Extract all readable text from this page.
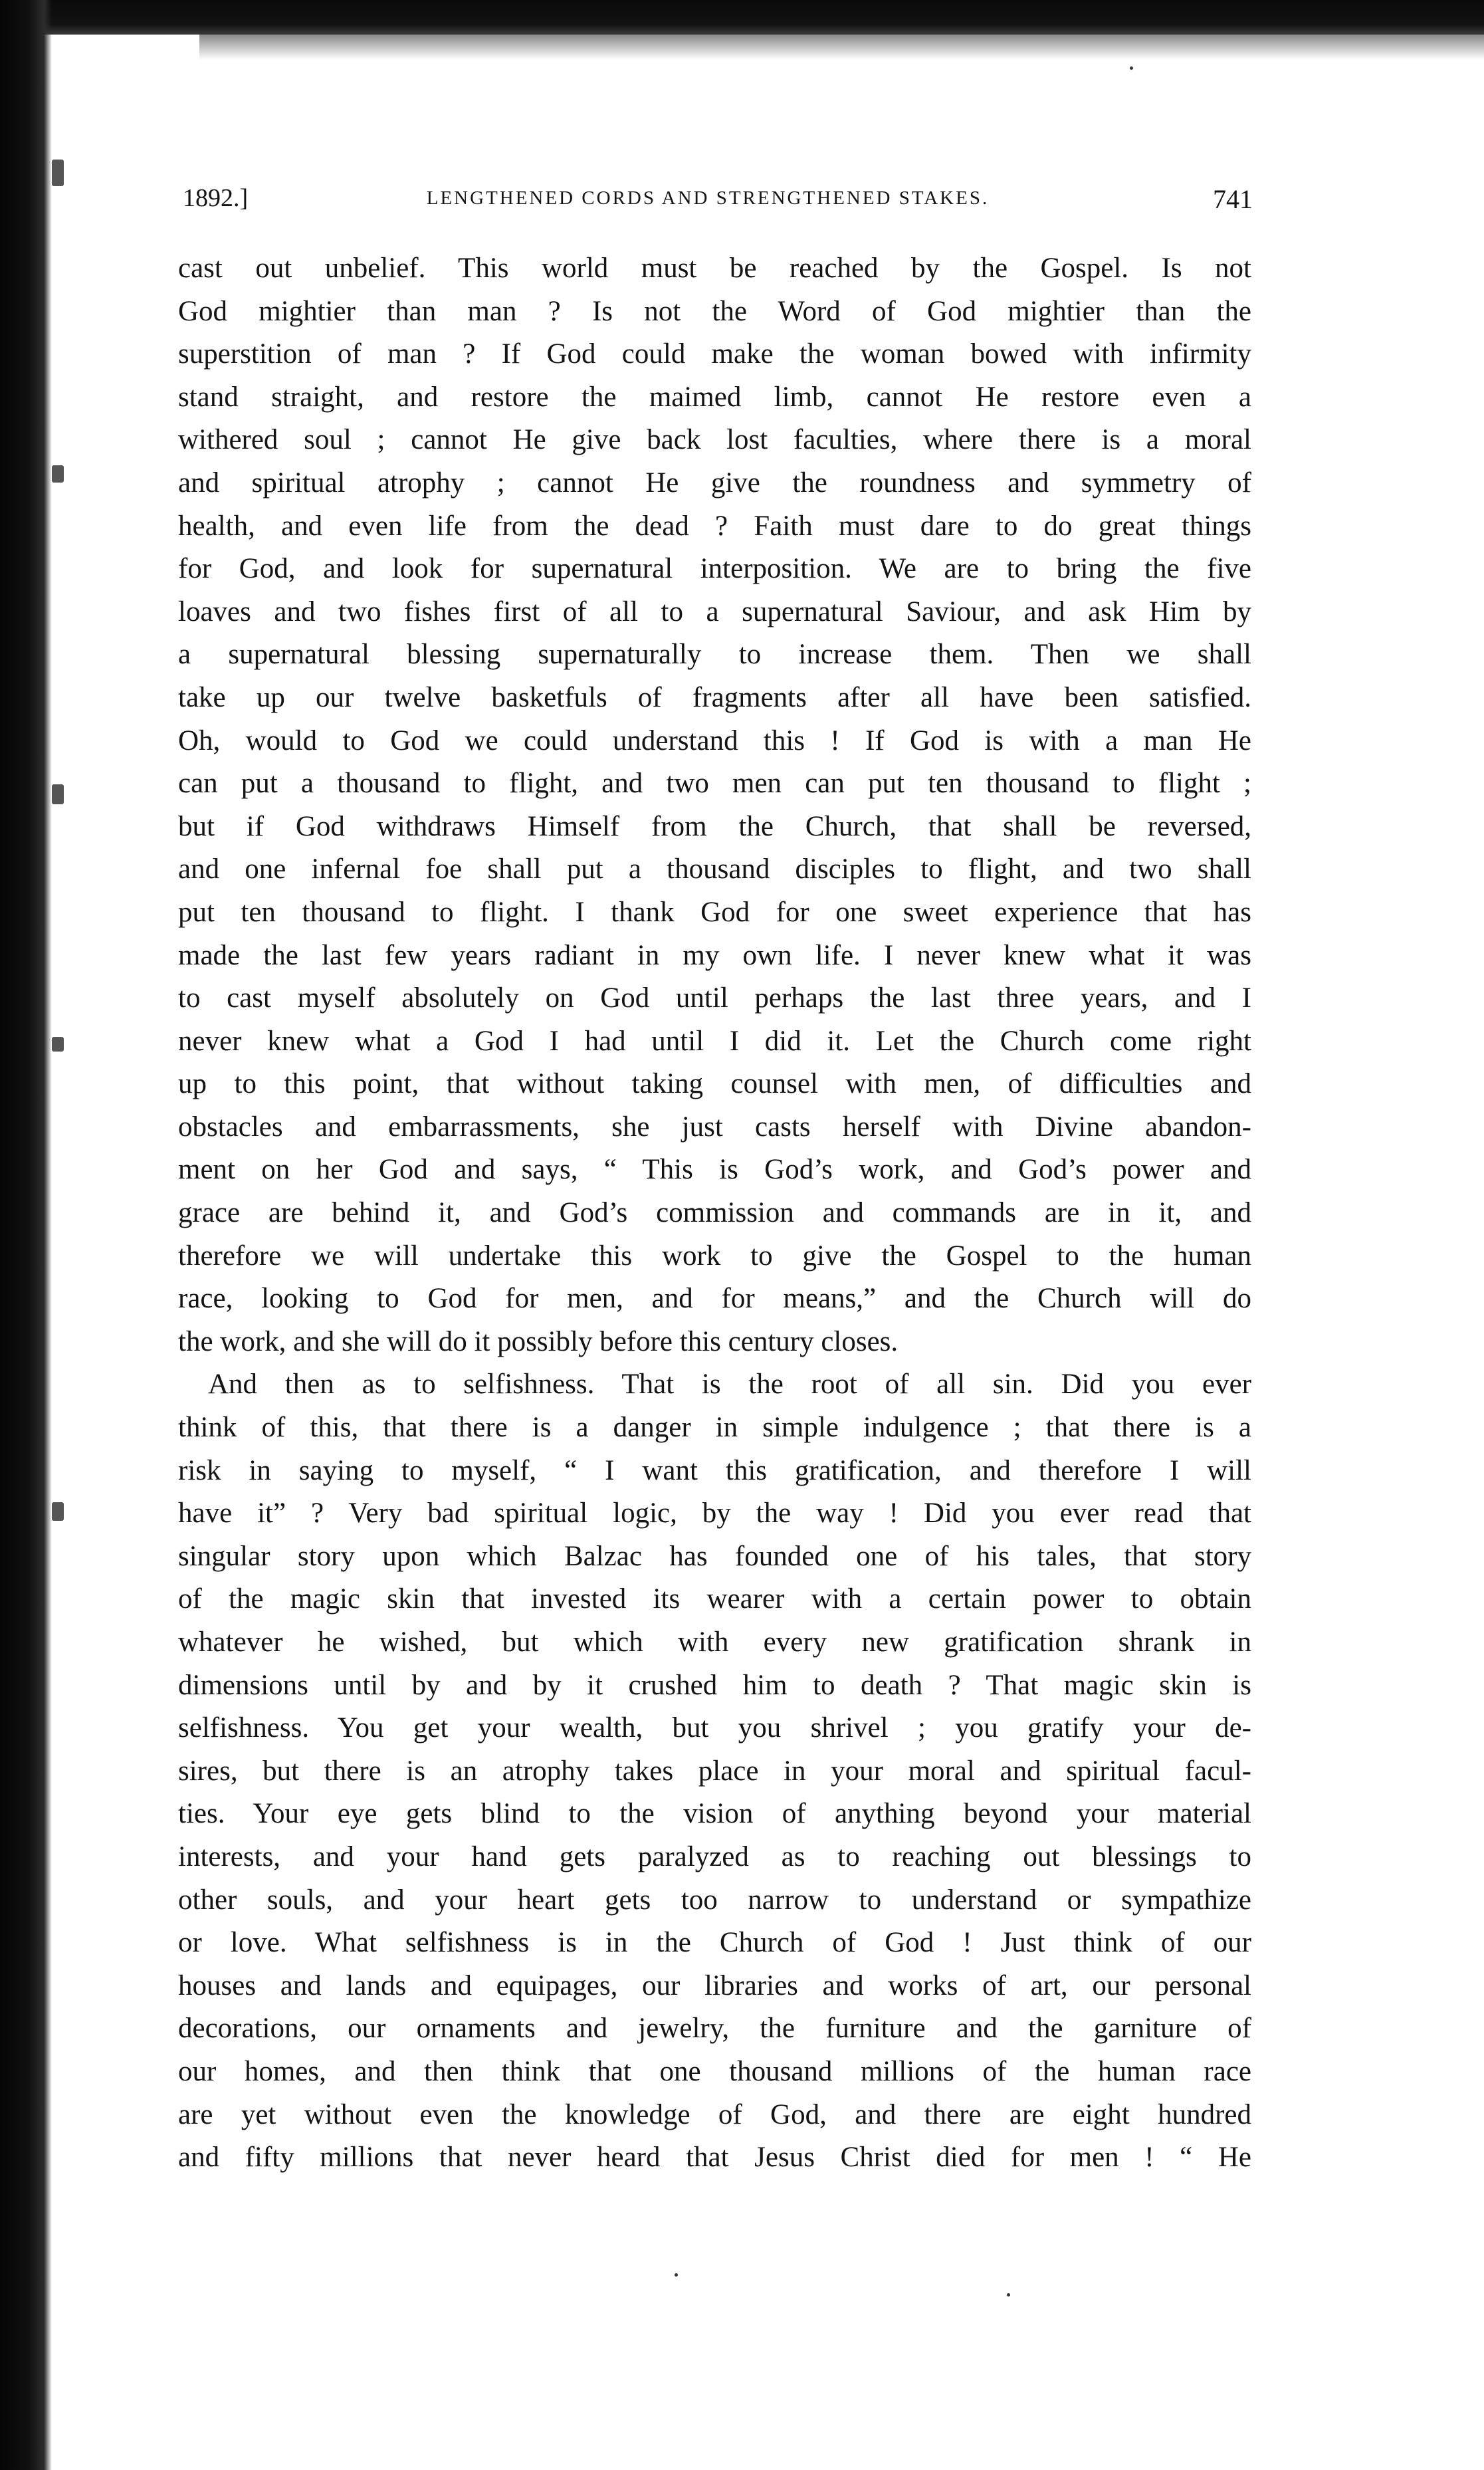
1892.]	LENGTHENED CORDS AND STRENGTHENED STAKES.	741
cast out unbelief. This world must be reached by the Gospel. Is not
God mightier than man ? Is not the Word of God mightier than the
superstition of man ? If God could make the woman bowed with infirmity
stand straight, and restore the maimed limb, cannot He restore even a
withered soul ; cannot He give back lost faculties, where there is a moral
and spiritual atrophy ; cannot He give the roundness and symmetry of
health, and even life from the dead ? Faith must dare to do great things
for God, and look for supernatural interposition. We are to bring the five
loaves and two fishes first of all to a supernatural Saviour, and ask Him by
a supernatural blessing supernaturally to increase them. Then we shall
take up our twelve basketfuls of fragments after all have been satisfied.
Oh, would to God we could understand this ! If God is with a man He
can put a thousand to flight, and two men can put ten thousand to flight ;
but if God withdraws Himself from the Church, that shall be reversed,
and one infernal foe shall put a thousand disciples to flight, and two shall
put ten thousand to flight. I thank God for one sweet experience that has
made the last few years radiant in my own life. I never knew what it was
to cast myself absolutely on God until perhaps the last three years, and I
never knew what a God I had until I did it. Let the Church come right
up to this point, that without taking counsel with men, of difficulties and
obstacles and embarrassments, she just casts herself with Divine abandon-
ment on her God and says, “ This is God’s work, and God’s power and
grace are behind it, and God’s commission and commands are in it, and
therefore we will undertake this work to give the Gospel to the human
race, looking to God for men, and for means,” and the Church will do
the work, and she will do it possibly before this century closes.
And then as to selfishness. That is the root of all sin. Did you ever
think of this, that there is a danger in simple indulgence ; that there is a
risk in saying to myself, “ I want this gratification, and therefore I will
have it” ? Very bad spiritual logic, by the way ! Did you ever read that
singular story upon which Balzac has founded one of his tales, that story
of the magic skin that invested its wearer with a certain power to obtain
whatever he wished, but which with every new gratification shrank in
dimensions until by and by it crushed him to death ? That magic skin is
selfishness. You get your wealth, but you shrivel ; you gratify your de-
sires, but there is an atrophy takes place in your moral and spiritual facul-
ties. Your eye gets blind to the vision of anything beyond your material
interests, and your hand gets paralyzed as to reaching out blessings to
other souls, and your heart gets too narrow to understand or sympathize
or love. What selfishness is in the Church of God ! Just think of our
houses and lands and equipages, our libraries and works of art, our personal
decorations, our ornaments and jewelry, the furniture and the garniture of
our homes, and then think that one thousand millions of the human race
are yet without even the knowledge of God, and there are eight hundred
and fifty millions that never heard that Jesus Christ died for men ! “ He
